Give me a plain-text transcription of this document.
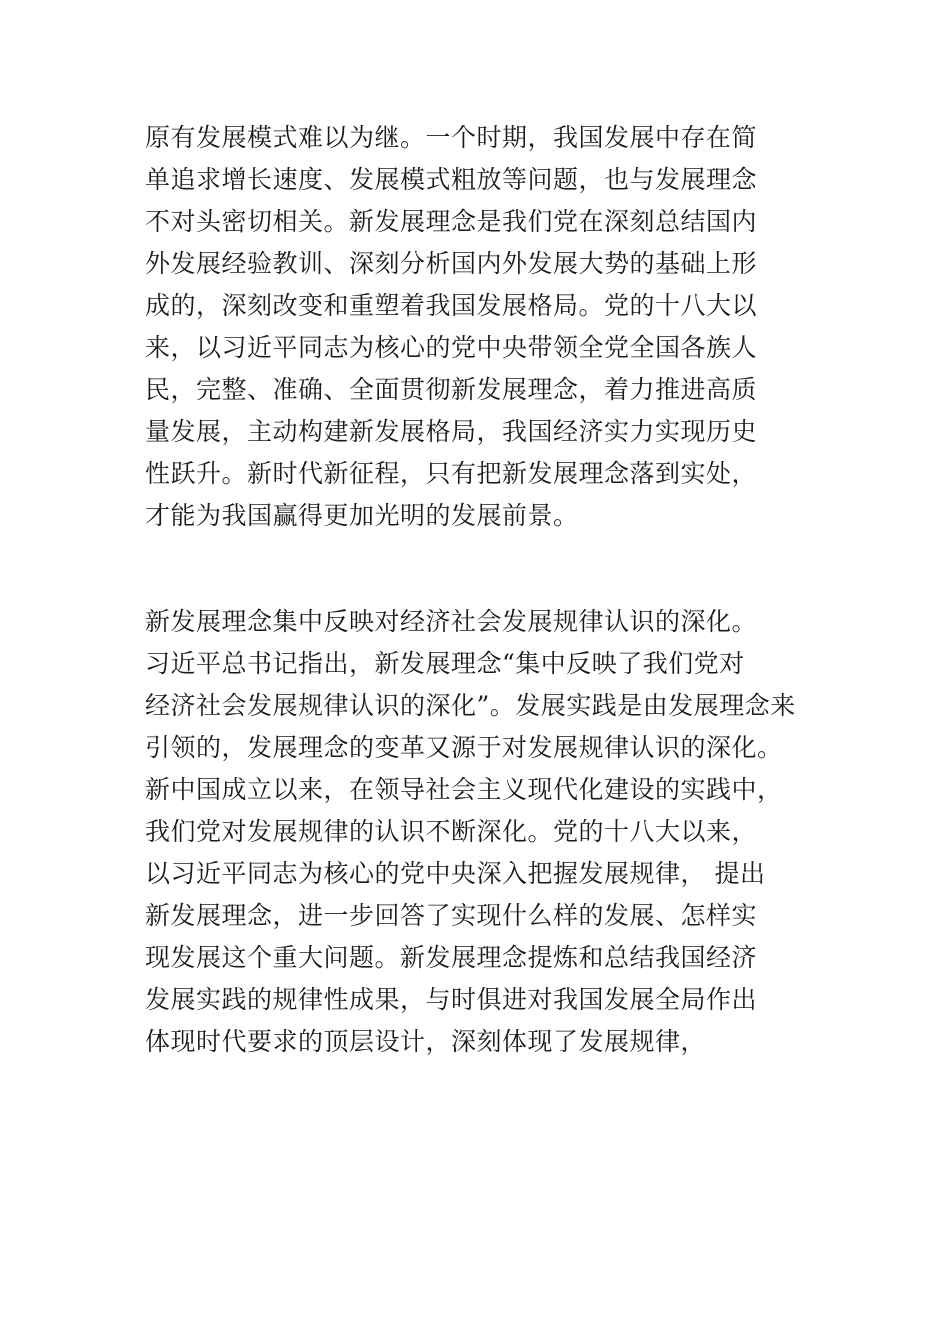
原有发展模式难以为继。一个时期，我国发展中存在简
单追求增长速度、发展模式粗放等问题，也与发展理念
不对头密切相关。新发展理念是我们党在深刻总结国内
外发展经验教训、深刻分析国内外发展大势的基础上形
成的，深刻改变和重塑着我国发展格局。党的十八大以
来，以习近平同志为核心的党中央带领全党全国各族人
民，完整、准确、全面贯彻新发展理念，着力推进高质
量发展，主动构建新发展格局，我国经济实力实现历史
性跃升。新时代新征程，只有把新发展理念落到实处，
才能为我国赢得更加光明的发展前景。
新发展理念集中反映对经济社会发展规律认识的深化。
习近平总书记指出，新发展理念“集中反映了我们党对
经济社会发展规律认识的深化”。发展实践是由发展理念来
引领的，发展理念的变革又源于对发展规律认识的深化。
新中国成立以来，在领导社会主义现代化建设的实践中，
我们党对发展规律的认识不断深化。党的十八大以来，
以习近平同志为核心的党中央深入把握发展规律， 提出
新发展理念，进一步回答了实现什么样的发展、怎样实
现发展这个重大问题。新发展理念提炼和总结我国经济
发展实践的规律性成果，与时俱进对我国发展全局作出
体现时代要求的顶层设计，深刻体现了发展规律，
